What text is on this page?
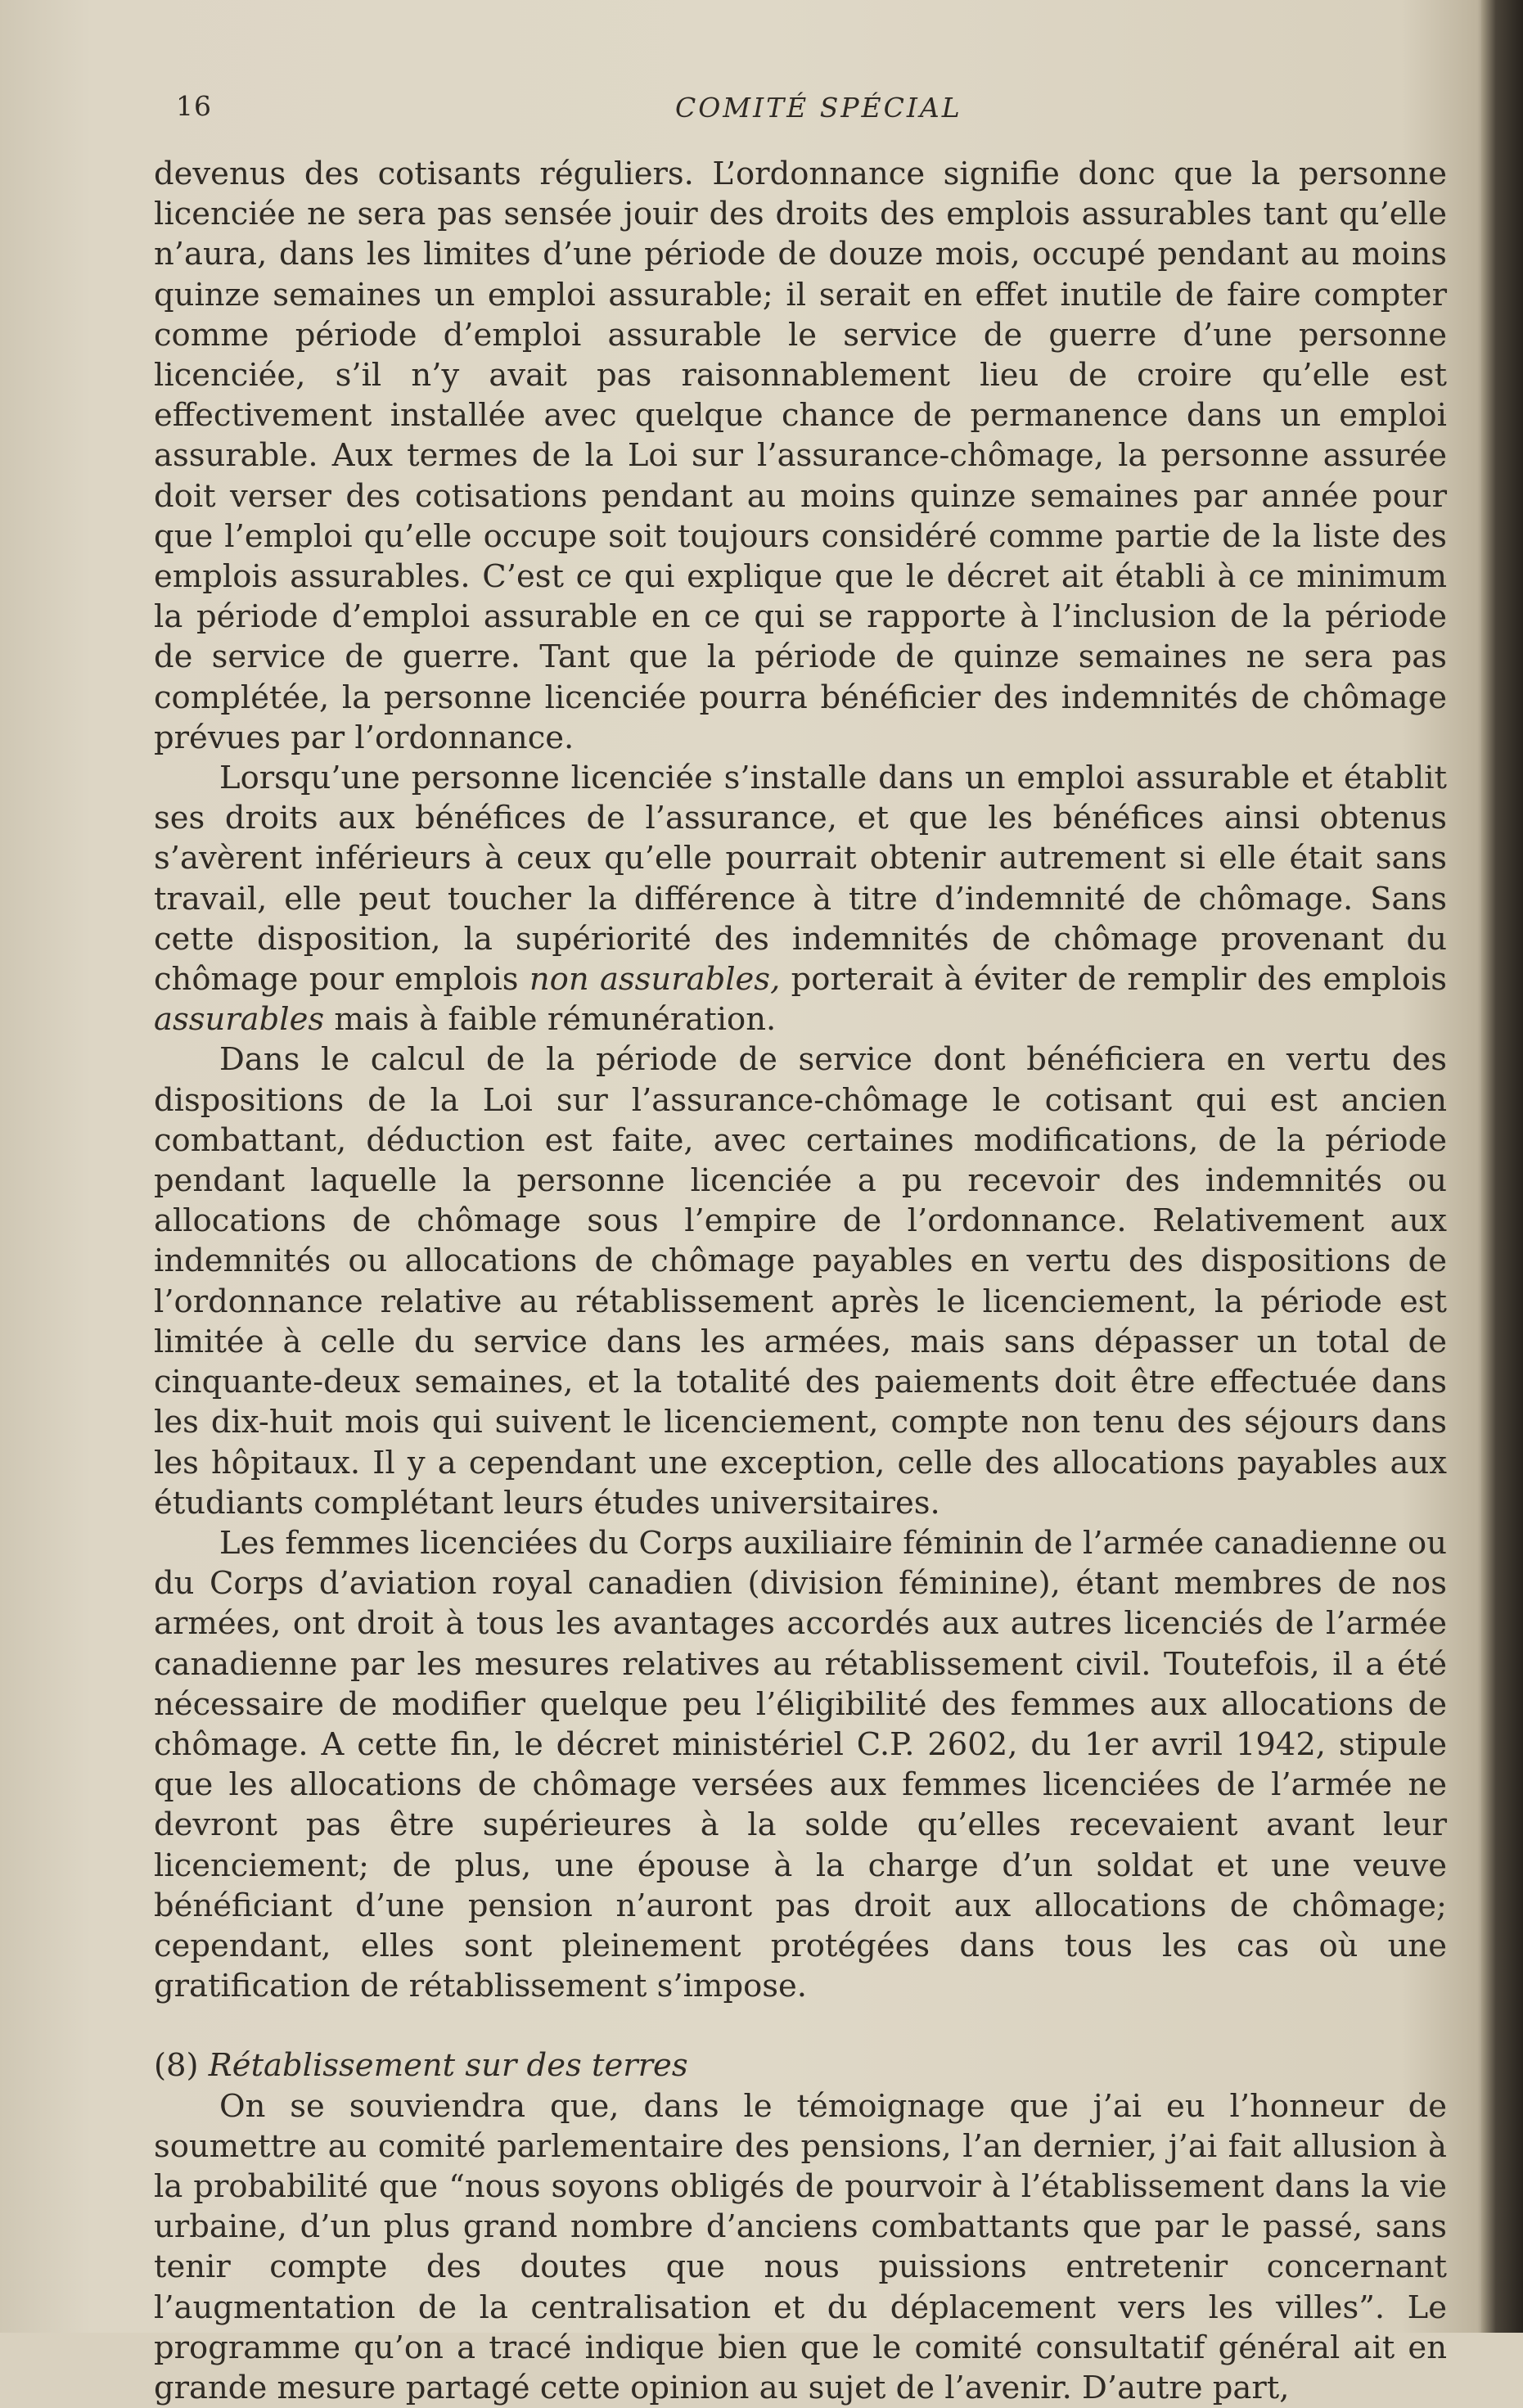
16	COMITÉ SPÉCIAL

devenus des cotisants réguliers. L’ordonnance signifie donc que la personne licenciée ne sera pas sensée jouir des droits des emplois assurables tant qu’elle n’aura, dans les limites d’une période de douze mois, occupé pendant au moins quinze semaines un emploi assurable; il serait en effet inutile de faire compter comme période d’emploi assurable le service de guerre d’une personne licenciée, s’il n’y avait pas raisonnablement lieu de croire qu’elle est effectivement installée avec quelque chance de permanence dans un emploi assurable. Aux termes de la Loi sur l’assurance-chômage, la personne assurée doit verser des cotisations pendant au moins quinze semaines par année pour que l’emploi qu’elle occupe soit toujours considéré comme partie de la liste des emplois assurables. C’est ce qui explique que le décret ait établi à ce minimum la période d’emploi assurable en ce qui se rapporte à l’inclusion de la période de service de guerre. Tant que la période de quinze semaines ne sera pas complétée, la personne licenciée pourra bénéficier des indemnités de chômage prévues par l’ordonnance.

Lorsqu’une personne licenciée s’installe dans un emploi assurable et établit ses droits aux bénéfices de l’assurance, et que les bénéfices ainsi obtenus s’avèrent inférieurs à ceux qu’elle pourrait obtenir autrement si elle était sans travail, elle peut toucher la différence à titre d’indemnité de chômage. Sans cette disposition, la supériorité des indemnités de chômage provenant du chômage pour emplois non assurables, porterait à éviter de remplir des emplois assurables mais à faible rémunération.

Dans le calcul de la période de service dont bénéficiera en vertu des dispositions de la Loi sur l’assurance-chômage le cotisant qui est ancien combattant, déduction est faite, avec certaines modifications, de la période pendant laquelle la personne licenciée a pu recevoir des indemnités ou allocations de chômage sous l’empire de l’ordonnance. Relativement aux indemnités ou allocations de chômage payables en vertu des dispositions de l’ordonnance relative au rétablissement après le licenciement, la période est limitée à celle du service dans les armées, mais sans dépasser un total de cinquante-deux semaines, et la totalité des paiements doit être effectuée dans les dix-huit mois qui suivent le licenciement, compte non tenu des séjours dans les hôpitaux. Il y a cependant une exception, celle des allocations payables aux étudiants complétant leurs études universitaires.

Les femmes licenciées du Corps auxiliaire féminin de l’armée canadienne ou du Corps d’aviation royal canadien (division féminine), étant membres de nos armées, ont droit à tous les avantages accordés aux autres licenciés de l’armée canadienne par les mesures relatives au rétablissement civil. Toutefois, il a été nécessaire de modifier quelque peu l’éligibilité des femmes aux allocations de chômage. A cette fin, le décret ministériel C.P. 2602, du 1er avril 1942, stipule que les allocations de chômage versées aux femmes licenciées de l’armée ne devront pas être supérieures à la solde qu’elles recevaient avant leur licenciement; de plus, une épouse à la charge d’un soldat et une veuve bénéficiant d’une pension n’auront pas droit aux allocations de chômage; cependant, elles sont pleinement protégées dans tous les cas où une gratification de rétablissement s’impose.

(8) Rétablissement sur des terres

On se souviendra que, dans le témoignage que j’ai eu l’honneur de soumettre au comité parlementaire des pensions, l’an dernier, j’ai fait allusion à la probabilité que “nous soyons obligés de pourvoir à l’établissement dans la vie urbaine, d’un plus grand nombre d’anciens combattants que par le passé, sans tenir compte des doutes que nous puissions entretenir concernant l’augmentation de la centralisation et du déplacement vers les villes”. Le programme qu’on a tracé indique bien que le comité consultatif général ait en grande mesure partagé cette opinion au sujet de l’avenir. D’autre part,
